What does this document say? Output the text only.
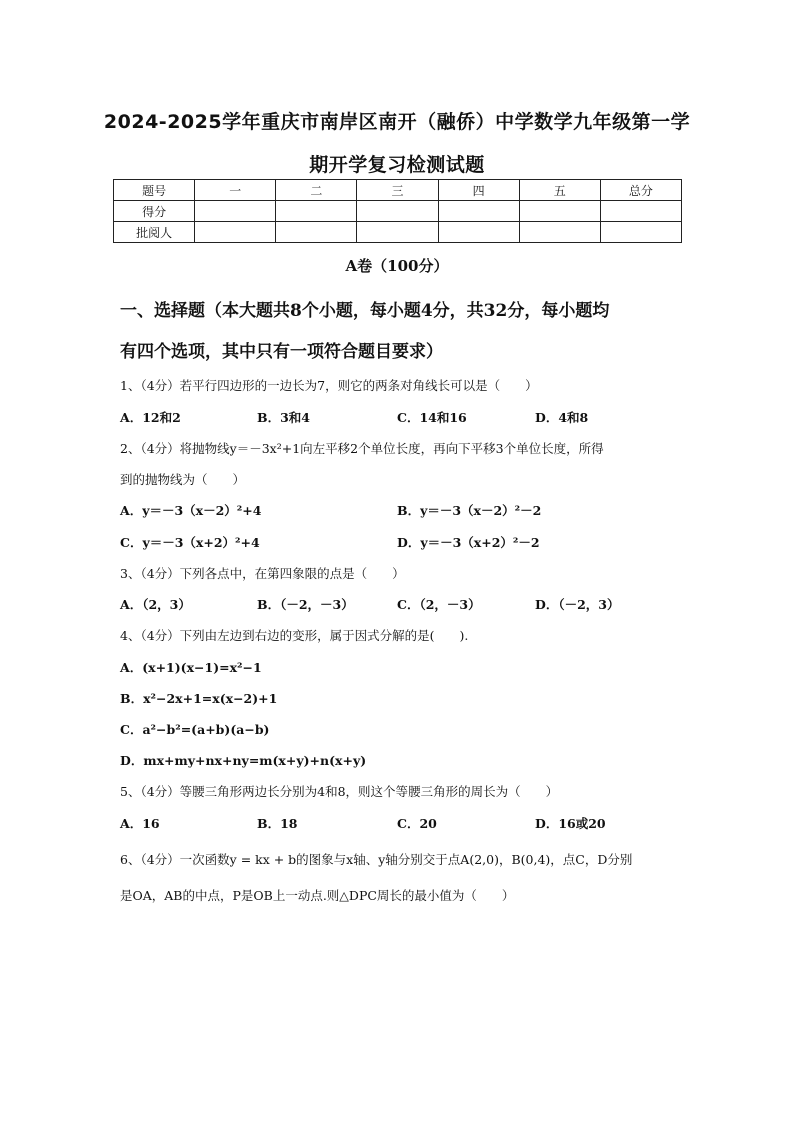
2024-2025学年重庆市南岸区南开（融侨）中学数学九年级第一学
期开学复习检测试题
题号	一	二	三	四	五	总分
得分						
批阅人						
A卷（100分）
一、选择题（本大题共8个小题，每小题4分，共32分，每小题均
有四个选项，其中只有一项符合题目要求）
1、（4分）若平行四边形的一边长为7，则它的两条对角线长可以是（　　）
A．12和2	B．3和4	C．14和16	D．4和8
2、（4分）将抛物线y＝－3x²+1向左平移2个单位长度，再向下平移3个单位长度，所得
到的抛物线为（　　）
A．y＝－3（x－2）²+4	B．y＝－3（x－2）²－2
C．y＝－3（x+2）²+4	D．y＝－3（x+2）²－2
3、（4分）下列各点中，在第四象限的点是（　　）
A．（2，3）	B．（－2，－3）	C．（2，－3）	D．（－2，3）
4、（4分）下列由左边到右边的变形，属于因式分解的是(　　).
A．(x+1)(x−1)=x²−1
B．x²−2x+1=x(x−2)+1
C．a²−b²=(a+b)(a−b)
D．mx+my+nx+ny=m(x+y)+n(x+y)
5、（4分）等腰三角形两边长分别为4和8，则这个等腰三角形的周长为（　　）
A．16	B．18	C．20	D．16或20
6、（4分）一次函数y = kx + b的图象与x轴、y轴分别交于点A(2,0)，B(0,4)，点C，D分别
是OA，AB的中点，P是OB上一动点.则△DPC周长的最小值为（　　）
